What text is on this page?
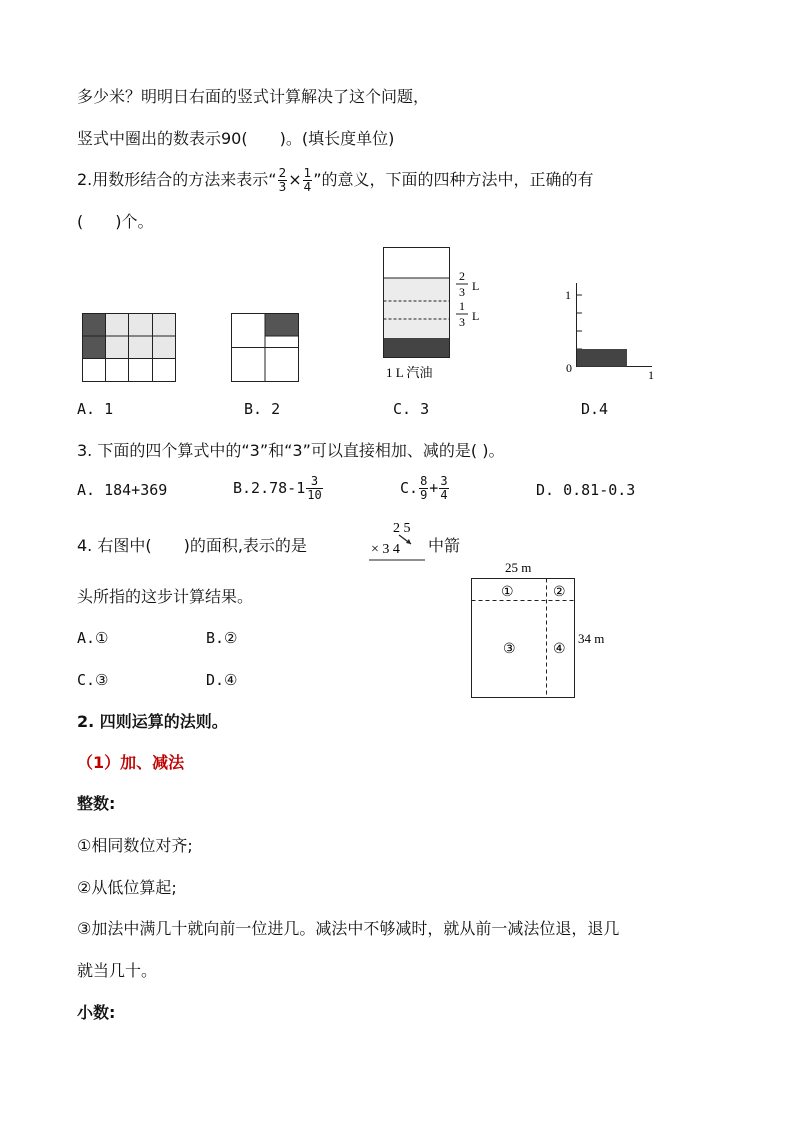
多少米？明明日右面的竖式计算解决了这个问题，
竖式中圈出的数表示90(　　)。(填长度单位)
2.用数形结合的方法来表示“ $\frac{2}{3} \times \frac{1}{4}$ ”的意义，下面的四种方法中，正确的有
(　　)个。
2
3 L
1
3 L
1 L 汽油
1
0	1
A. 1	B. 2	C. 3	D.4
3. 下面的四个算式中的“3”和“3”可以直接相加、减的是( )。
A. 184+369	$B.2.78-1 \frac{3}{10}$	C. $\frac{8}{9} + \frac{3}{4}$	D. 0.81-0.3
4. 右图中(　　)的面积,表示的是
2 5
× 3 4 中箭
头所指的这步计算结果。
25 m
①	②
③	④
34 m
A.①	B.②
C.③	D.④
2. 四则运算的法则。
（1）加、减法
整数:
①相同数位对齐;
②从低位算起;
③加法中满几十就向前一位进几。减法中不够减时，就从前一减法位退，退几
就当几十。
小数:
